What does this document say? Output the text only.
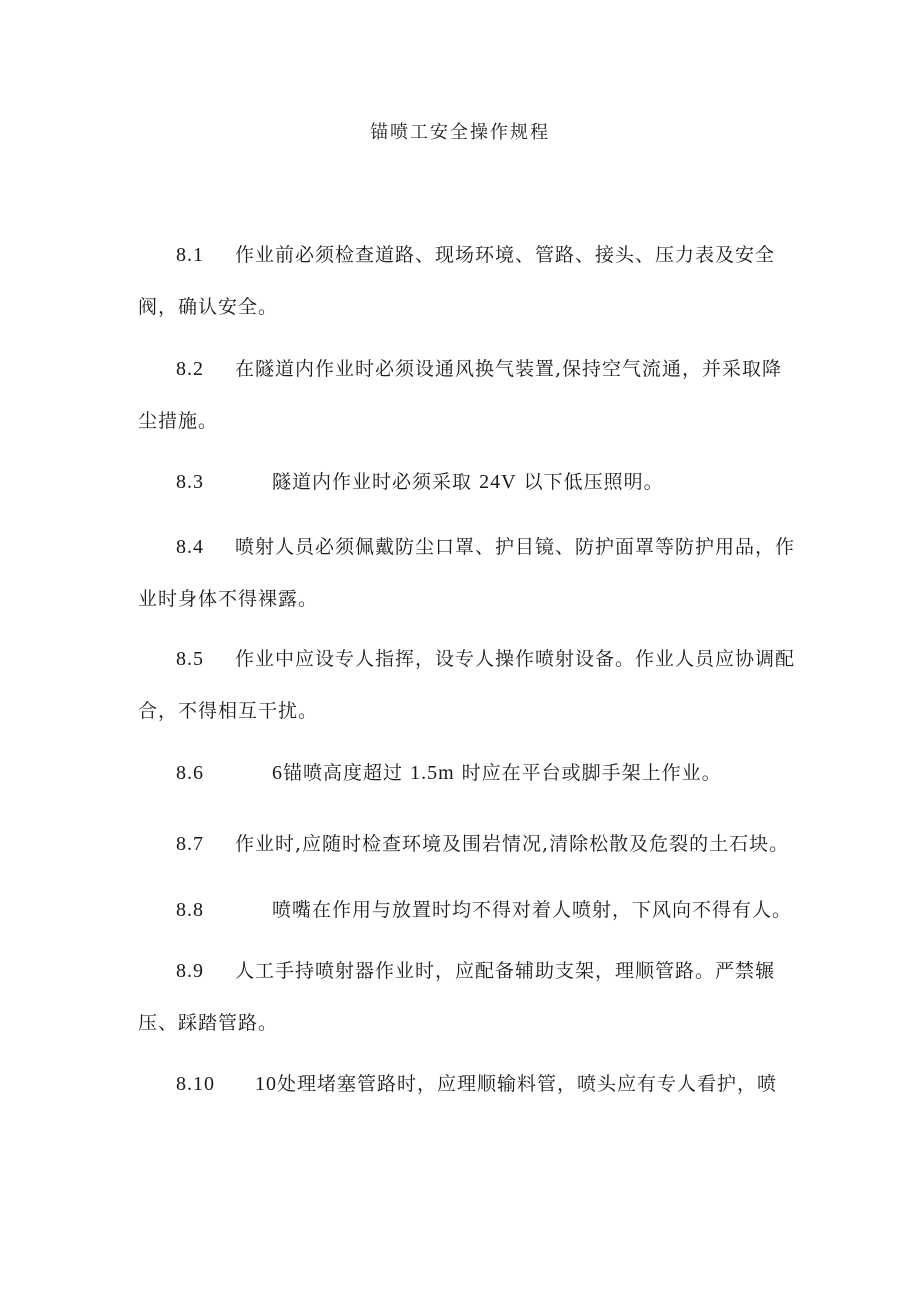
锚喷工安全操作规程
8.1 作业前必须检查道路、现场环境、管路、接头、压力表及安全阀，确认安全。
8.2 在隧道内作业时必须设通风换气装置,保持空气流通，并采取降尘措施。
8.3	隧道内作业时必须采取 24V 以下低压照明。
8.4 喷射人员必须佩戴防尘口罩、护目镜、防护面罩等防护用品，作业时身体不得裸露。
8.5 作业中应设专人指挥，设专人操作喷射设备。作业人员应协调配合，不得相互干扰。
8.6	6锚喷高度超过 1.5m 时应在平台或脚手架上作业。
8.7 作业时,应随时检查环境及围岩情况,清除松散及危裂的土石块。
8.8	喷嘴在作用与放置时均不得对着人喷射，下风向不得有人。
8.9 人工手持喷射器作业时，应配备辅助支架，理顺管路。严禁辗压、踩踏管路。
8.10 10处理堵塞管路时，应理顺输料管，喷头应有专人看护，喷
